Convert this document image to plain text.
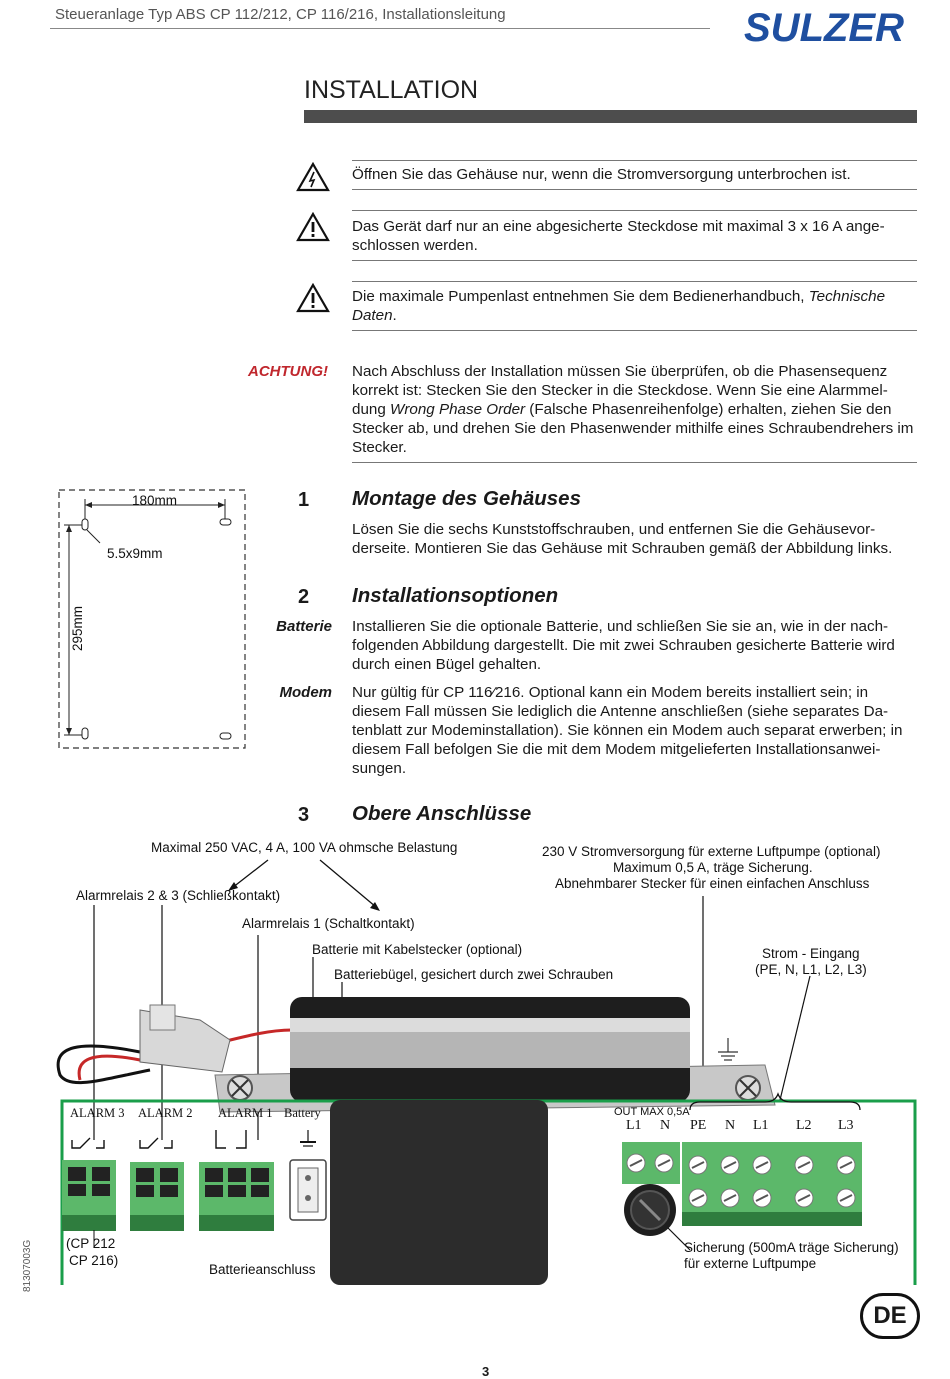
Steueranlage Typ ABS CP 112/212, CP 116/216, Installationsleitung	SULZER
INSTALLATION
Öffnen Sie das Gehäuse nur, wenn die Stromversorgung unterbrochen ist.
Das Gerät darf nur an eine abgesicherte Steckdose mit maximal 3 x 16 A ange-schlossen werden.
Die maximale Pumpenlast entnehmen Sie dem Bedienerhandbuch, Technische Daten.
ACHTUNG! Nach Abschluss der Installation müssen Sie überprüfen, ob die Phasensequenz korrekt ist: Stecken Sie den Stecker in die Steckdose. Wenn Sie eine Alarmmel-dung Wrong Phase Order (Falsche Phasenreihenfolge) erhalten, ziehen Sie den Stecker ab, und drehen Sie den Phasenwender mithilfe eines Schraubendrehers im Stecker.
180mm
5.5x9mm
295mm
1 Montage des Gehäuses
Lösen Sie die sechs Kunststoffschrauben, und entfernen Sie die Gehäusevor-derseite. Montieren Sie das Gehäuse mit Schrauben gemäß der Abbildung links.
2 Installationsoptionen
Batterie Installieren Sie die optionale Batterie, und schließen Sie sie an, wie in der nach-folgenden Abbildung dargestellt. Die mit zwei Schrauben gesicherte Batterie wird durch einen Bügel gehalten.
Modem Nur gültig für CP 116⁄216. Optional kann ein Modem bereits installiert sein; in diesem Fall müssen Sie lediglich die Antenne anschließen (siehe separates Da-tenblatt zur Modeminstallation). Sie können ein Modem auch separat erwerben; in diesem Fall befolgen Sie die mit dem Modem mitgelieferten Installationsanwei-sungen.
3 Obere Anschlüsse
Maximal 250 VAC, 4 A, 100 VA ohmsche Belastung
Alarmrelais 2 & 3 (Schließkontakt)
Alarmrelais 1 (Schaltkontakt)
Batterie mit Kabelstecker (optional)
Batteriebügel, gesichert durch zwei Schrauben
230 V Stromversorgung für externe Luftpumpe (optional)
Maximum 0,5 A, träge Sicherung.
Abnehmbarer Stecker für einen einfachen Anschluss
Strom - Eingang
(PE, N, L1, L2, L3)
ALARM 3 ALARM 2 ALARM 1 Battery	OUT MAX 0,5A
L1 N PE N L1 L2 L3
(CP 212
CP 216)
Batterieanschluss
Sicherung (500mA träge Sicherung)
für externe Luftpumpe
81307003G
DE
3
